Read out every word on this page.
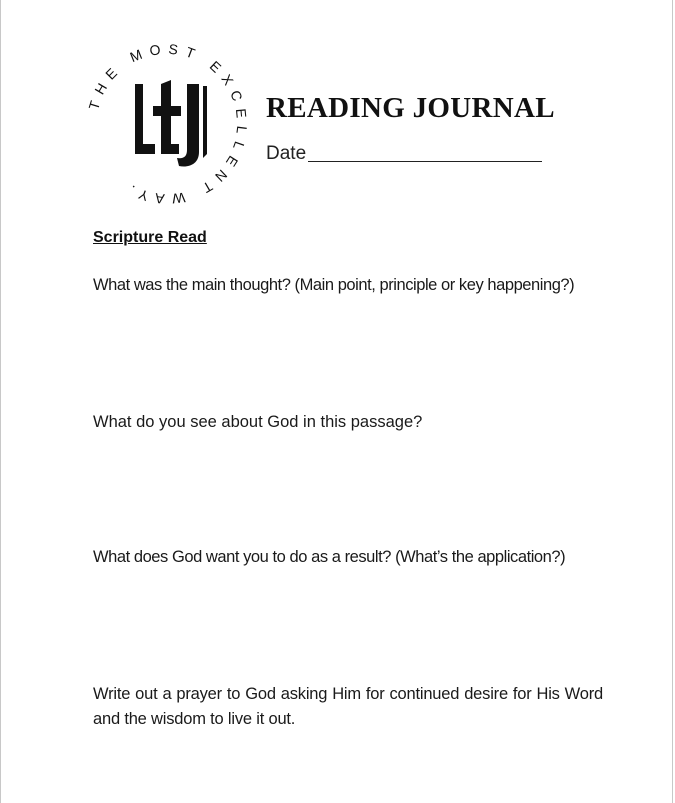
THE MOST EXCELLENT WAY.
READING JOURNAL
Date
Scripture Read

What was the main thought? (Main point, principle or key happening?)

What do you see about God in this passage?

What does God want you to do as a result? (What’s the application?)

Write out a prayer to God asking Him for continued desire for His Word and the wisdom to live it out.
